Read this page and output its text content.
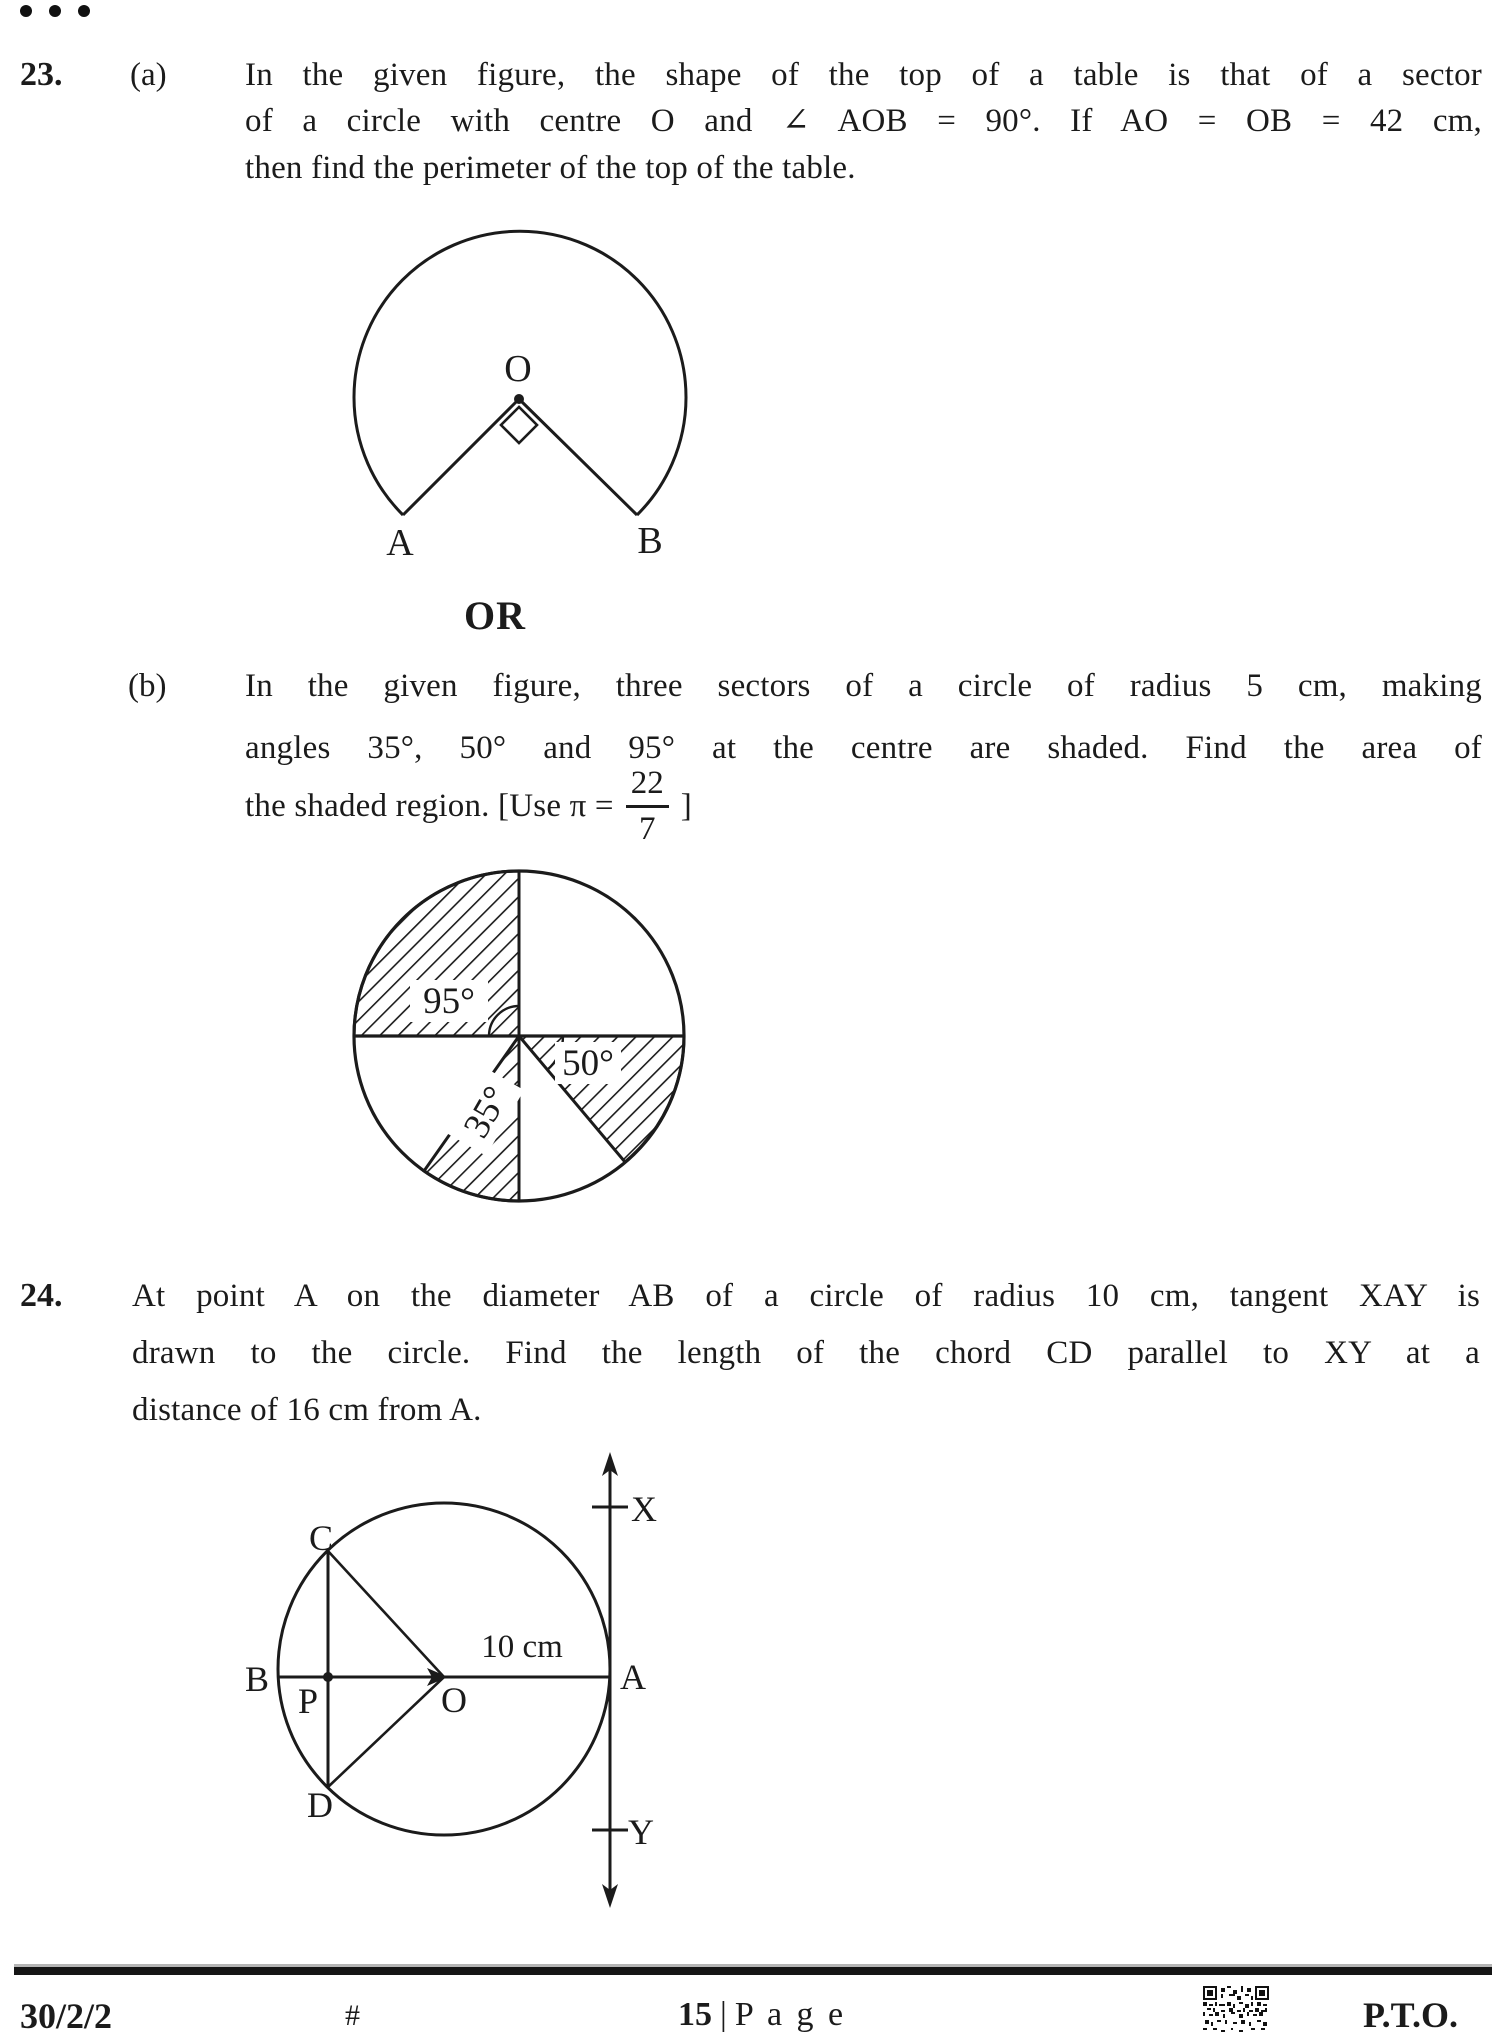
23. (a) In the given figure, the shape of the top of a table is that of a sector
of a circle with centre O and ∠ AOB = 90°. If AO = OB = 42 cm,
then find the perimeter of the top of the table.
O
A	B
OR
(b) In the given figure, three sectors of a circle of radius 5 cm, making
angles 35°, 50° and 95° at the centre are shaded. Find the area of
the shaded region. [Use $\pi = \frac{22}{7}$ ]
95°
50°
35°
24. At point A on the diameter AB of a circle of radius 10 cm, tangent XAY is
drawn to the circle. Find the length of the chord CD parallel to XY at a
distance of 16 cm from A.
X
Y
A
B
C
D
P	O
10 cm
30/2/2	#	15 | P a g e	P.T.O.
